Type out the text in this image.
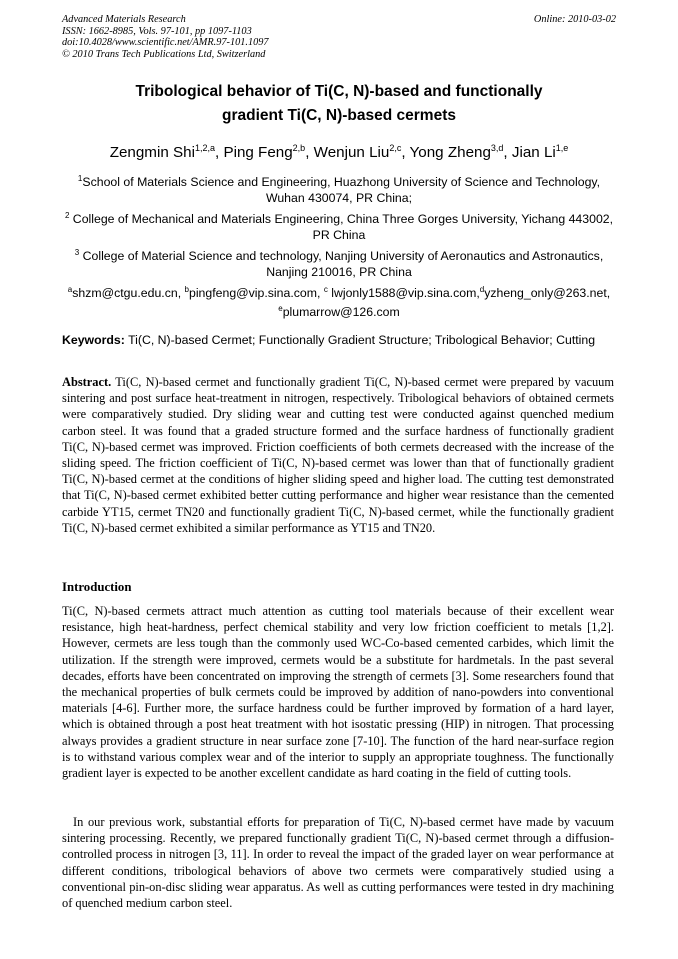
Advanced Materials Research
ISSN: 1662-8985, Vols. 97-101, pp 1097-1103
doi:10.4028/www.scientific.net/AMR.97-101.1097
© 2010 Trans Tech Publications Ltd, Switzerland
Online: 2010-03-02
Tribological behavior of Ti(C, N)-based and functionally
gradient Ti(C, N)-based cermets
Zengmin Shi$^{1,2,a}$, Ping Feng$^{2,b}$, Wenjun Liu$^{2,c}$, Yong Zheng$^{3,d}$, Jian Li$^{1,e}$
$^1$School of Materials Science and Engineering, Huazhong University of Science and Technology, Wuhan 430074, PR China;
$^2$ College of Mechanical and Materials Engineering, China Three Gorges University, Yichang 443002, PR China
$^3$ College of Material Science and technology, Nanjing University of Aeronautics and Astronautics, Nanjing 210016, PR China
$^a$shzm@ctgu.edu.cn, $^b$pingfeng@vip.sina.com, $^c$ lwjonly1588@vip.sina.com,$^d$yzheng_only@263.net,
$^e$plumarrow@126.com
Keywords: Ti(C, N)-based Cermet; Functionally Gradient Structure; Tribological Behavior; Cutting

Abstract. Ti(C, N)-based cermet and functionally gradient Ti(C, N)-based cermet were prepared by vacuum sintering and post surface heat-treatment in nitrogen, respectively. Tribological behaviors of obtained cermets were comparatively studied. Dry sliding wear and cutting test were conducted against quenched medium carbon steel. It was found that a graded structure formed and the surface hardness of functionally gradient Ti(C, N)-based cermet was improved. Friction coefficients of both cermets decreased with the increase of the sliding speed. The friction coefficient of Ti(C, N)-based cermet was lower than that of functionally gradient Ti(C, N)-based cermet at the conditions of higher sliding speed and higher load. The cutting test demonstrated that Ti(C, N)-based cermet exhibited better cutting performance and higher wear resistance than the cemented carbide YT15, cermet TN20 and functionally gradient Ti(C, N)-based cermet, while the functionally gradient Ti(C, N)-based cermet exhibited a similar performance as YT15 and TN20.

Introduction

Ti(C, N)-based cermets attract much attention as cutting tool materials because of their excellent wear resistance, high heat-hardness, perfect chemical stability and very low friction coefficient to metals [1,2]. However, cermets are less tough than the commonly used WC-Co-based cemented carbides, which limit the utilization. If the strength were improved, cermets would be a substitute for hardmetals. In the past several decades, efforts have been concentrated on improving the strength of cermets [3]. Some researchers found that the mechanical properties of bulk cermets could be improved by addition of nano-powders into conventional materials [4-6]. Further more, the surface hardness could be further improved by formation of a hard layer, which is obtained through a post heat treatment with hot isostatic pressing (HIP) in nitrogen. That processing always provides a gradient structure in near surface zone [7-10]. The function of the hard near-surface region is to withstand various complex wear and of the interior to supply an appropriate toughness. The functionally gradient layer is expected to be another excellent candidate as hard coating in the field of cutting tools.

In our previous work, substantial efforts for preparation of Ti(C, N)-based cermet have made by vacuum sintering processing. Recently, we prepared functionally gradient Ti(C, N)-based cermet through a diffusion-controlled process in nitrogen [3, 11]. In order to reveal the impact of the graded layer on wear performance at different conditions, tribological behaviors of above two cermets were comparatively studied using a conventional pin-on-disc sliding wear apparatus. As well as cutting performances were tested in dry machining of quenched medium carbon steel.
